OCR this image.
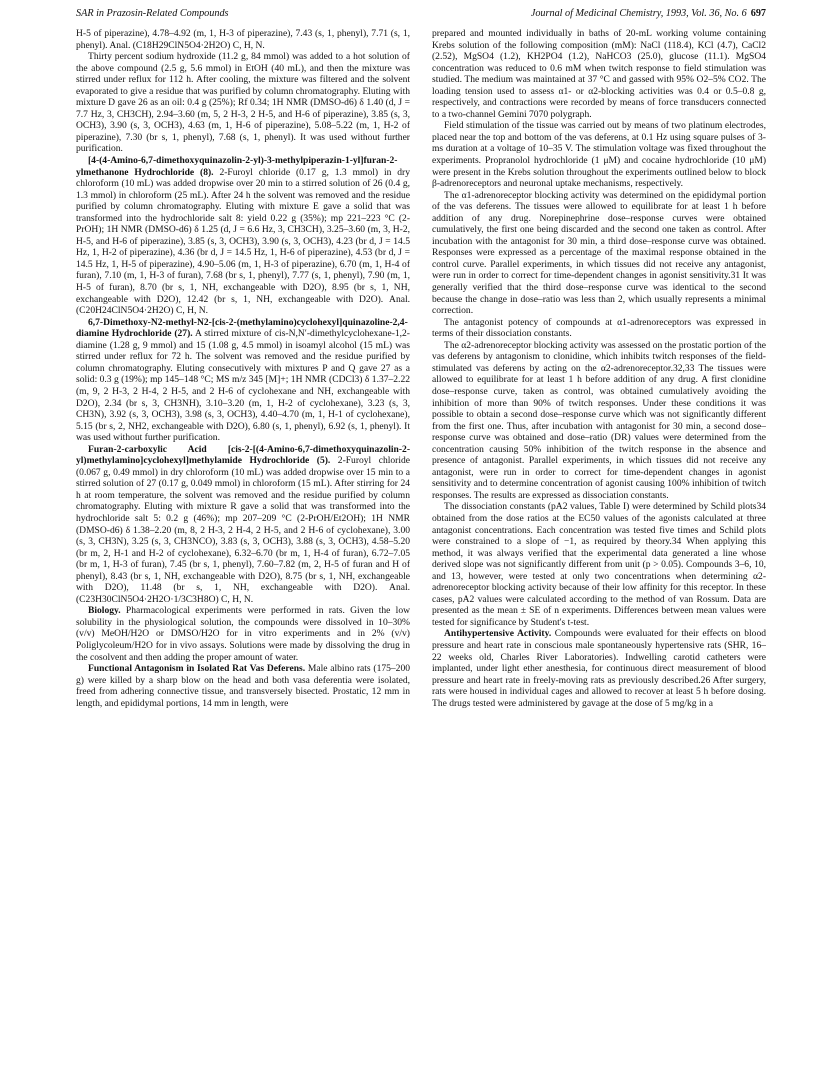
SAR in Prazosin-Related Compounds	Journal of Medicinal Chemistry, 1993, Vol. 36, No. 6 697

H-5 of piperazine), 4.78–4.92 (m, 1, H-3 of piperazine), 7.43 (s, 1, phenyl), 7.71 (s, 1, phenyl). Anal. (C18H29ClN5O4·2H2O) C, H, N.

Thirty percent sodium hydroxide (11.2 g, 84 mmol) was added to a hot solution of the above compound (2.5 g, 5.6 mmol) in EtOH (40 mL), and then the mixture was stirred under reflux for 112 h. After cooling, the mixture was filtered and the solvent evaporated to give a residue that was purified by column chromatography. Eluting with mixture D gave 26 as an oil: 0.4 g (25%); Rf 0.34; 1H NMR (DMSO-d6) δ 1.40 (d, J = 7.7 Hz, 3, CH3CH), 2.94–3.60 (m, 5, 2 H-3, 2 H-5, and H-6 of piperazine), 3.85 (s, 3, OCH3), 3.90 (s, 3, OCH3), 4.63 (m, 1, H-6 of piperazine), 5.08–5.22 (m, 1, H-2 of piperazine), 7.30 (br s, 1, phenyl), 7.68 (s, 1, phenyl). It was used without further purification.

[4-(4-Amino-6,7-dimethoxyquinazolin-2-yl)-3-methylpiperazin-1-yl]furan-2-ylmethanone Hydrochloride (8). 2-Furoyl chloride (0.17 g, 1.3 mmol) in dry chloroform (10 mL) was added dropwise over 20 min to a stirred solution of 26 (0.4 g, 1.3 mmol) in chloroform (25 mL). After 24 h the solvent was removed and the residue purified by column chromatography. Eluting with mixture E gave a solid that was transformed into the hydrochloride salt 8: yield 0.22 g (35%); mp 221–223 °C (2-PrOH); 1H NMR (DMSO-d6) δ 1.25 (d, J = 6.6 Hz, 3, CH3CH), 3.25–3.60 (m, 3, H-2, H-5, and H-6 of piperazine), 3.85 (s, 3, OCH3), 3.90 (s, 3, OCH3), 4.23 (br d, J = 14.5 Hz, 1, H-2 of piperazine), 4.36 (br d, J = 14.5 Hz, 1, H-6 of piperazine), 4.53 (br d, J = 14.5 Hz, 1, H-5 of piperazine), 4.90–5.06 (m, 1, H-3 of piperazine), 6.70 (m, 1, H-4 of furan), 7.10 (m, 1, H-3 of furan), 7.68 (br s, 1, phenyl), 7.77 (s, 1, phenyl), 7.90 (m, 1, H-5 of furan), 8.70 (br s, 1, NH, exchangeable with D2O), 8.95 (br s, 1, NH, exchangeable with D2O), 12.42 (br s, 1, NH, exchangeable with D2O). Anal. (C20H24ClN5O4·2H2O) C, H, N.

6,7-Dimethoxy-N2-methyl-N2-[cis-2-(methylamino)cyclohexyl]quinazoline-2,4-diamine Hydrochloride (27). A stirred mixture of cis-N,N′-dimethylcyclohexane-1,2-diamine (1.28 g, 9 mmol) and 15 (1.08 g, 4.5 mmol) in isoamyl alcohol (15 mL) was stirred under reflux for 72 h. The solvent was removed and the residue purified by column chromatography. Eluting consecutively with mixtures P and Q gave 27 as a solid: 0.3 g (19%); mp 145–148 °C; MS m/z 345 [M]+; 1H NMR (CDCl3) δ 1.37–2.22 (m, 9, 2 H-3, 2 H-4, 2 H-5, and 2 H-6 of cyclohexane and NH, exchangeable with D2O), 2.34 (br s, 3, CH3NH), 3.10–3.20 (m, 1, H-2 of cyclohexane), 3.23 (s, 3, CH3N), 3.92 (s, 3, OCH3), 3.98 (s, 3, OCH3), 4.40–4.70 (m, 1, H-1 of cyclohexane), 5.15 (br s, 2, NH2, exchangeable with D2O), 6.80 (s, 1, phenyl), 6.92 (s, 1, phenyl). It was used without further purification.

Furan-2-carboxylic Acid [cis-2-[(4-Amino-6,7-dimethoxyquinazolin-2-yl)methylamino]cyclohexyl]methylamide Hydrochloride (5). 2-Furoyl chloride (0.067 g, 0.49 mmol) in dry chloroform (10 mL) was added dropwise over 15 min to a stirred solution of 27 (0.17 g, 0.049 mmol) in chloroform (15 mL). After stirring for 24 h at room temperature, the solvent was removed and the residue purified by column chromatography. Eluting with mixture R gave a solid that was transformed into the hydrochloride salt 5: 0.2 g (46%); mp 207–209 °C (2-PrOH/Et2OH); 1H NMR (DMSO-d6) δ 1.38–2.20 (m, 8, 2 H-3, 2 H-4, 2 H-5, and 2 H-6 of cyclohexane), 3.00 (s, 3, CH3N), 3.25 (s, 3, CH3NCO), 3.83 (s, 3, OCH3), 3.88 (s, 3, OCH3), 4.58–5.20 (br m, 2, H-1 and H-2 of cyclohexane), 6.32–6.70 (br m, 1, H-4 of furan), 6.72–7.05 (br m, 1, H-3 of furan), 7.45 (br s, 1, phenyl), 7.60–7.82 (m, 2, H-5 of furan and H of phenyl), 8.43 (br s, 1, NH, exchangeable with D2O), 8.75 (br s, 1, NH, exchangeable with D2O), 11.48 (br s, 1, NH, exchangeable with D2O). Anal. (C23H30ClN5O4·2H2O·1/3C3H8O) C, H, N.

Biology. Pharmacological experiments were performed in rats. Given the low solubility in the physiological solution, the compounds were dissolved in 10–30% (v/v) MeOH/H2O or DMSO/H2O for in vitro experiments and in 2% (v/v) Poliglycoleum/H2O for in vivo assays. Solutions were made by dissolving the drug in the cosolvent and then adding the proper amount of water.

Functional Antagonism in Isolated Rat Vas Deferens. Male albino rats (175–200 g) were killed by a sharp blow on the head and both vasa deferentia were isolated, freed from adhering connective tissue, and transversely bisected. Prostatic, 12 mm in length, and epididymal portions, 14 mm in length, were

prepared and mounted individually in baths of 20-mL working volume containing Krebs solution of the following composition (mM): NaCl (118.4), KCl (4.7), CaCl2 (2.52), MgSO4 (1.2), KH2PO4 (1.2), NaHCO3 (25.0), glucose (11.1). MgSO4 concentration was reduced to 0.6 mM when twitch response to field stimulation was studied. The medium was maintained at 37 °C and gassed with 95% O2–5% CO2. The loading tension used to assess α1- or α2-blocking activities was 0.4 or 0.5–0.8 g, respectively, and contractions were recorded by means of force transducers connected to a two-channel Gemini 7070 polygraph.

Field stimulation of the tissue was carried out by means of two platinum electrodes, placed near the top and bottom of the vas deferens, at 0.1 Hz using square pulses of 3-ms duration at a voltage of 10–35 V. The stimulation voltage was fixed throughout the experiments. Propranolol hydrochloride (1 μM) and cocaine hydrochloride (10 μM) were present in the Krebs solution throughout the experiments outlined below to block β-adrenoreceptors and neuronal uptake mechanisms, respectively.

The α1-adrenoreceptor blocking activity was determined on the epididymal portion of the vas deferens. The tissues were allowed to equilibrate for at least 1 h before addition of any drug. Norepinephrine dose–response curves were obtained cumulatively, the first one being discarded and the second one taken as control. After incubation with the antagonist for 30 min, a third dose–response curve was obtained. Responses were expressed as a percentage of the maximal response obtained in the control curve. Parallel experiments, in which tissues did not receive any antagonist, were run in order to correct for time-dependent changes in agonist sensitivity.31 It was generally verified that the third dose–response curve was identical to the second because the change in dose–ratio was less than 2, which usually represents a minimal correction.

The antagonist potency of compounds at α1-adrenoreceptors was expressed in terms of their dissociation constants.

The α2-adrenoreceptor blocking activity was assessed on the prostatic portion of the vas deferens by antagonism to clonidine, which inhibits twitch responses of the field-stimulated vas deferens by acting on the α2-adrenoreceptor.32,33 The tissues were allowed to equilibrate for at least 1 h before addition of any drug. A first clonidine dose–response curve, taken as control, was obtained cumulatively avoiding the inhibition of more than 90% of twitch responses. Under these conditions it was possible to obtain a second dose–response curve which was not significantly different from the first one. Thus, after incubation with antagonist for 30 min, a second dose–response curve was obtained and dose–ratio (DR) values were determined from the concentration causing 50% inhibition of the twitch response in the absence and presence of antagonist. Parallel experiments, in which tissues did not receive any antagonist, were run in order to correct for time-dependent changes in agonist sensitivity and to determine concentration of agonist causing 100% inhibition of twitch responses. The results are expressed as dissociation constants.

The dissociation constants (pA2 values, Table I) were determined by Schild plots34 obtained from the dose ratios at the EC50 values of the agonists calculated at three antagonist concentrations. Each concentration was tested five times and Schild plots were constrained to a slope of −1, as required by theory.34 When applying this method, it was always verified that the experimental data generated a line whose derived slope was not significantly different from unit (p > 0.05). Compounds 3–6, 10, and 13, however, were tested at only two concentrations when determining α2-adrenoreceptor blocking activity because of their low affinity for this receptor. In these cases, pA2 values were calculated according to the method of van Rossum. Data are presented as the mean ± SE of n experiments. Differences between mean values were tested for significance by Student's t-test.

Antihypertensive Activity. Compounds were evaluated for their effects on blood pressure and heart rate in conscious male spontaneously hypertensive rats (SHR, 16–22 weeks old, Charles River Laboratories). Indwelling carotid catheters were implanted, under light ether anesthesia, for continuous direct measurement of blood pressure and heart rate in freely-moving rats as previously described.26 After surgery, rats were housed in individual cages and allowed to recover at least 5 h before dosing. The drugs tested were administered by gavage at the dose of 5 mg/kg in a
